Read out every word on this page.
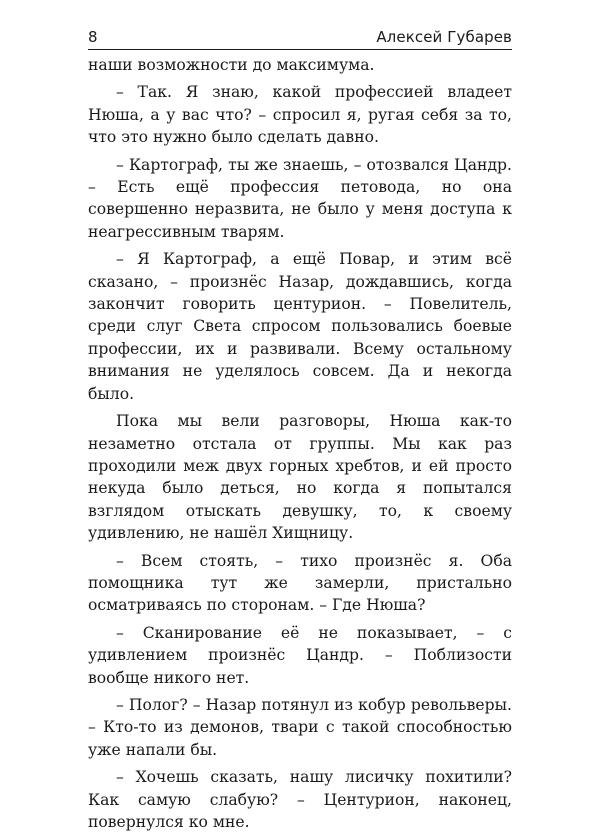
8	Алексей Губарев

наши возможности до максимума.

– Так. Я знаю, какой профессией владеет Нюша, а у вас что? – спросил я, ругая себя за то, что это нужно было сделать давно.

– Картограф, ты же знаешь, – отозвался Цандр. – Есть ещё профессия петовода, но она совершенно неразвита, не было у меня доступа к неагрессивным тварям.

– Я Картограф, а ещё Повар, и этим всё сказано, – произнёс Назар, дождавшись, когда закончит говорить центурион. – Повелитель, среди слуг Света спросом пользовались боевые профессии, их и развивали. Всему остальному внимания не уделялось совсем. Да и некогда было.

Пока мы вели разговоры, Нюша как-то незаметно отстала от группы. Мы как раз проходили меж двух горных хребтов, и ей просто некуда было деться, но когда я попытался взглядом отыскать девушку, то, к своему удивлению, не нашёл Хищницу.

– Всем стоять, – тихо произнёс я. Оба помощника тут же замерли, пристально осматриваясь по сторонам. – Где Нюша?

– Сканирование её не показывает, – с удивлением произнёс Цандр. – Поблизости вообще никого нет.

– Полог? – Назар потянул из кобур револьверы. – Кто-то из демонов, твари с такой способностью уже напали бы.

– Хочешь сказать, нашу лисичку похитили? Как самую слабую? – Центурион, наконец, повернулся ко мне.
